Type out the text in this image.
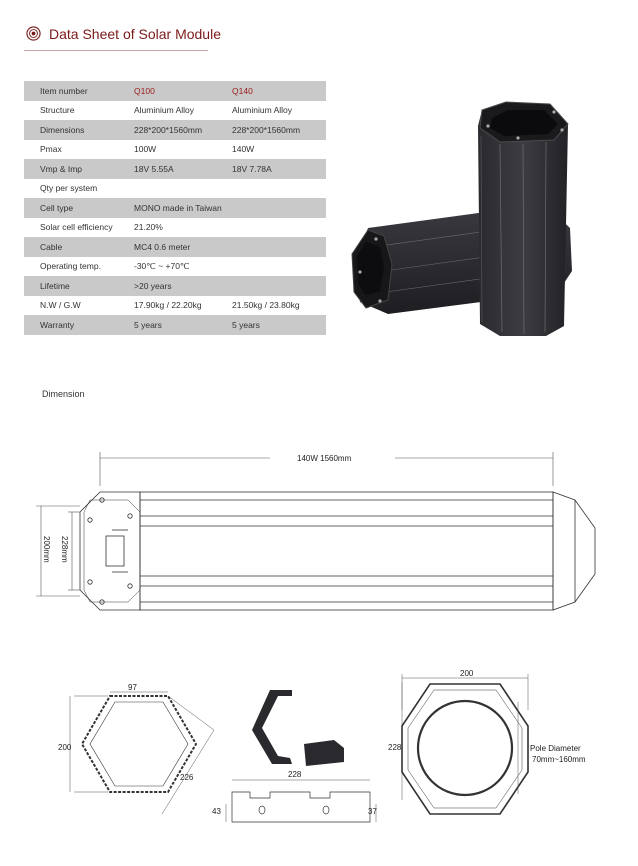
Data Sheet of Solar Module
Item number	Q100	Q140
Structure	Aluminium Alloy	Aluminium Alloy
Dimensions	228*200*1560mm	228*200*1560mm
Pmax	100W	140W
Vmp & Imp	18V 5.55A	18V 7.78A
Qty per system		
Cell type	MONO made in Taiwan	
Solar cell efficiency	21.20%	
Cable	MC4 0.6 meter	
Operating temp.	-30℃ ~ +70℃	
Lifetime	>20 years	
N.W / G.W	17.90kg / 22.20kg	21.50kg / 23.80kg
Warranty	5 years	5 years
Dimension
140W 1560mm
200mm 228mm
97
200
226	228
43	37
200
228	Pole Diameter
70mm~160mm
